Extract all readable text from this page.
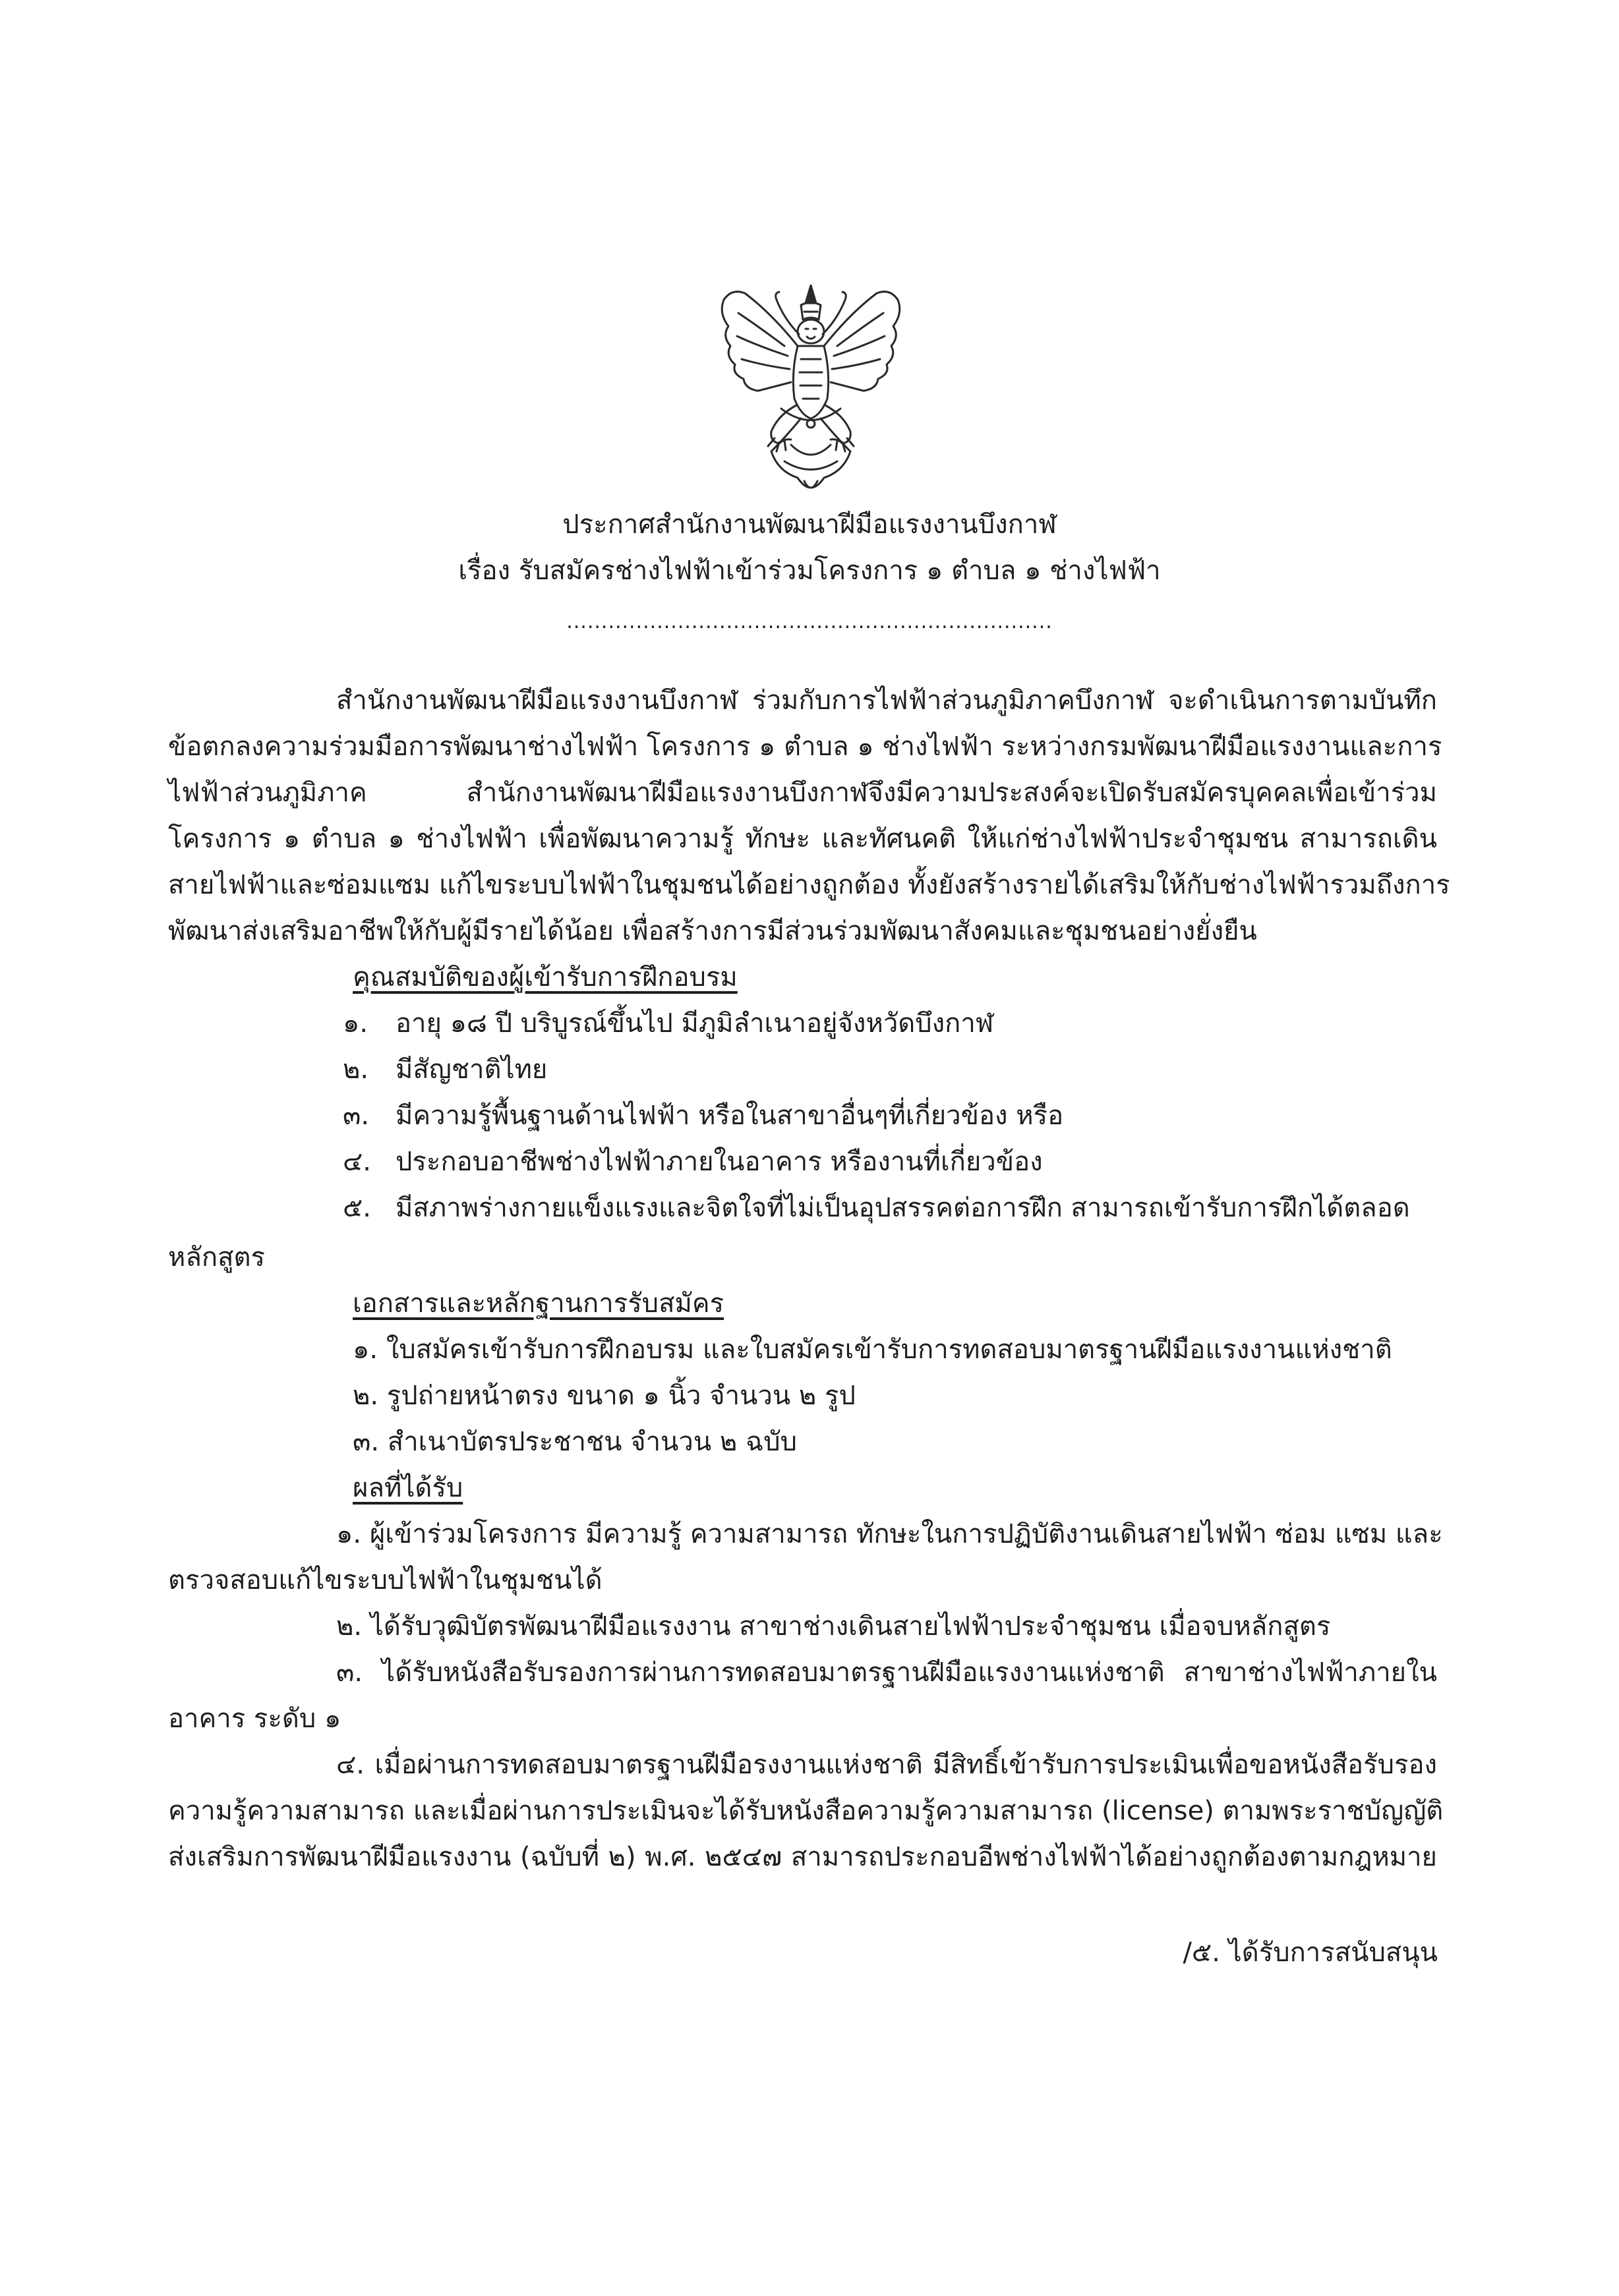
ประกาศสำนักงานพัฒนาฝีมือแรงงานบึงกาฬ
เรื่อง รับสมัครช่างไฟฟ้าเข้าร่วมโครงการ ๑ ตำบล ๑ ช่างไฟฟ้า
......................................................................
สำนักงานพัฒนาฝีมือแรงงานบึงกาฬ ร่วมกับการไฟฟ้าส่วนภูมิภาคบึงกาฬ จะดำเนินการตามบันทึก
ข้อตกลงความร่วมมือการพัฒนาช่างไฟฟ้า โครงการ ๑ ตำบล ๑ ช่างไฟฟ้า ระหว่างกรมพัฒนาฝีมือแรงงานและการ
ไฟฟ้าส่วนภูมิภาค สำนักงานพัฒนาฝีมือแรงงานบึงกาฬจึงมีความประสงค์จะเปิดรับสมัครบุคคลเพื่อเข้าร่วม
โครงการ ๑ ตำบล ๑ ช่างไฟฟ้า เพื่อพัฒนาความรู้ ทักษะ และทัศนคติ ให้แก่ช่างไฟฟ้าประจำชุมชน สามารถเดิน
สายไฟฟ้าและซ่อมแซม แก้ไขระบบไฟฟ้าในชุมชนได้อย่างถูกต้อง ทั้งยังสร้างรายได้เสริมให้กับช่างไฟฟ้ารวมถึงการ
พัฒนาส่งเสริมอาชีพให้กับผู้มีรายได้น้อย เพื่อสร้างการมีส่วนร่วมพัฒนาสังคมและชุมชนอย่างยั่งยืน
คุณสมบัติของผู้เข้ารับการฝึกอบรม
๑. อายุ ๑๘ ปี บริบูรณ์ขึ้นไป มีภูมิลำเนาอยู่จังหวัดบึงกาฬ
๒. มีสัญชาติไทย
๓. มีความรู้พื้นฐานด้านไฟฟ้า หรือในสาขาอื่นๆที่เกี่ยวข้อง หรือ
๔. ประกอบอาชีพช่างไฟฟ้าภายในอาคาร หรืองานที่เกี่ยวข้อง
๕. มีสภาพร่างกายแข็งแรงและจิตใจที่ไม่เป็นอุปสรรคต่อการฝึก สามารถเข้ารับการฝึกได้ตลอด
หลักสูตร
เอกสารและหลักฐานการรับสมัคร
๑. ใบสมัครเข้ารับการฝึกอบรม และใบสมัครเข้ารับการทดสอบมาตรฐานฝีมือแรงงานแห่งชาติ
๒. รูปถ่ายหน้าตรง ขนาด ๑ นิ้ว จำนวน ๒ รูป
๓. สำเนาบัตรประชาชน จำนวน ๒ ฉบับ
ผลที่ได้รับ
๑. ผู้เข้าร่วมโครงการ มีความรู้ ความสามารถ ทักษะในการปฏิบัติงานเดินสายไฟฟ้า ซ่อม แซม และ
ตรวจสอบแก้ไขระบบไฟฟ้าในชุมชนได้
๒. ได้รับวุฒิบัตรพัฒนาฝีมือแรงงาน สาขาช่างเดินสายไฟฟ้าประจำชุมชน เมื่อจบหลักสูตร
๓. ได้รับหนังสือรับรองการผ่านการทดสอบมาตรฐานฝีมือแรงงานแห่งชาติ สาขาช่างไฟฟ้าภายใน
อาคาร ระดับ ๑
๔. เมื่อผ่านการทดสอบมาตรฐานฝีมือรงงานแห่งชาติ มีสิทธิ์เข้ารับการประเมินเพื่อขอหนังสือรับรอง
ความรู้ความสามารถ และเมื่อผ่านการประเมินจะได้รับหนังสือความรู้ความสามารถ (license) ตามพระราชบัญญัติ
ส่งเสริมการพัฒนาฝีมือแรงงาน (ฉบับที่ ๒) พ.ศ. ๒๕๔๗ สามารถประกอบอีพช่างไฟฟ้าได้อย่างถูกต้องตามกฎหมาย
/๕. ได้รับการสนับสนุน
